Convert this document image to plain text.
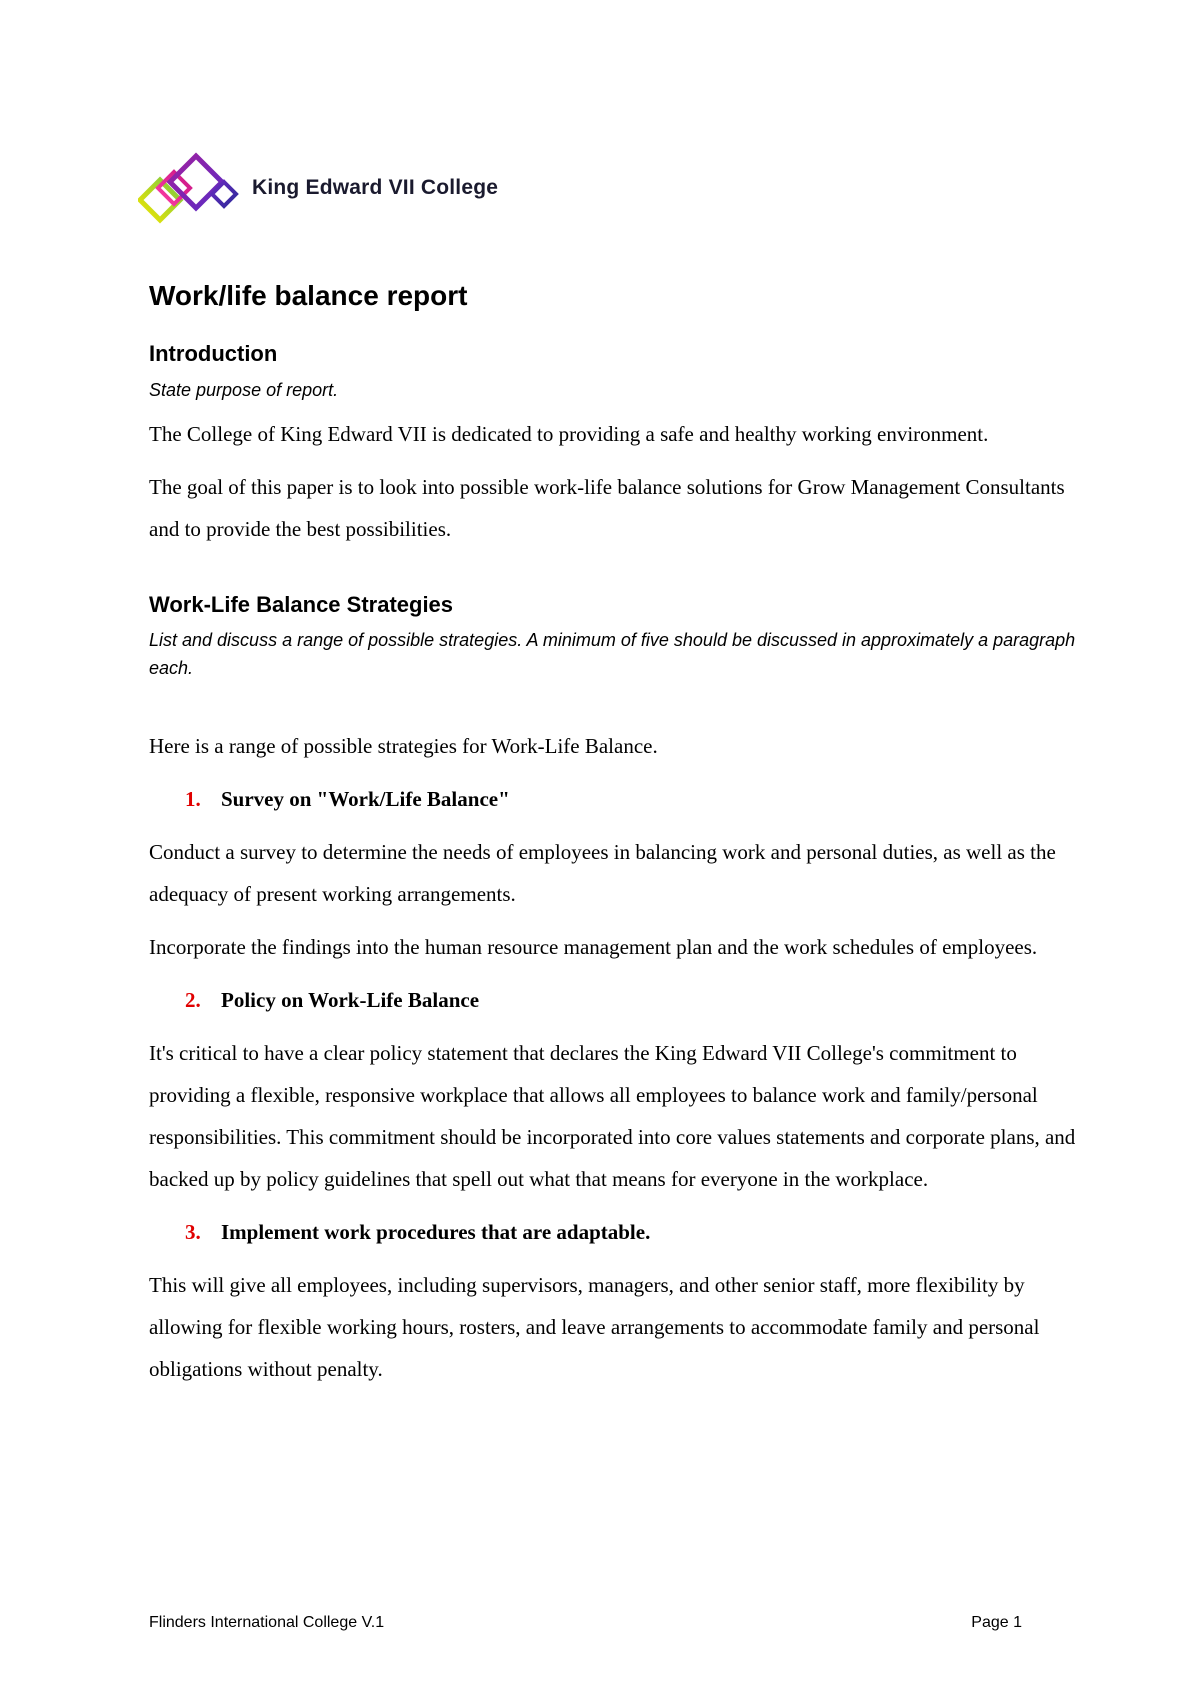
King Edward VII College
Work/life balance report
Introduction

State purpose of report.

The College of King Edward VII is dedicated to providing a safe and healthy working environment.

The goal of this paper is to look into possible work-life balance solutions for Grow Management Consultants and to provide the best possibilities.

Work-Life Balance Strategies

List and discuss a range of possible strategies. A minimum of five should be discussed in approximately a paragraph each.

Here is a range of possible strategies for Work-Life Balance.

1. Survey on "Work/Life Balance"

Conduct a survey to determine the needs of employees in balancing work and personal duties, as well as the adequacy of present working arrangements.

Incorporate the findings into the human resource management plan and the work schedules of employees.

2. Policy on Work-Life Balance

It's critical to have a clear policy statement that declares the King Edward VII College's commitment to providing a flexible, responsive workplace that allows all employees to balance work and family/personal responsibilities. This commitment should be incorporated into core values statements and corporate plans, and backed up by policy guidelines that spell out what that means for everyone in the workplace.

3. Implement work procedures that are adaptable.

This will give all employees, including supervisors, managers, and other senior staff, more flexibility by allowing for flexible working hours, rosters, and leave arrangements to accommodate family and personal obligations without penalty.

Flinders International College V.1	Page 1
